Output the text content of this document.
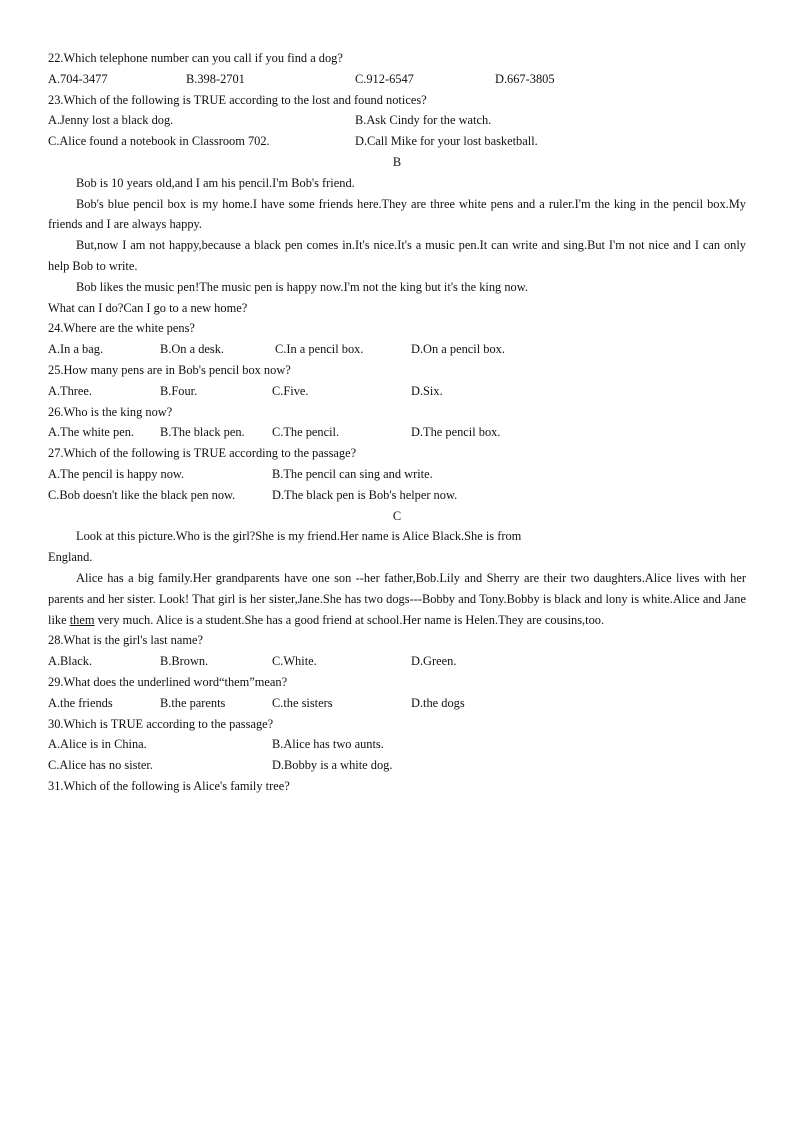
22.Which telephone number can you call if you find a dog?
A.704-3477	B.398-2701	C.912-6547	D.667-3805
23.Which of the following is TRUE according to the lost and found notices?
A.Jenny lost a black dog.	B.Ask Cindy for the watch.
C.Alice found a notebook in Classroom 702.	D.Call Mike for your lost basketball.
B
Bob is 10 years old,and I am his pencil.I'm Bob's friend.
Bob's blue pencil box is my home.I have some friends here.They are three white pens and a ruler.I'm the king in the pencil box.My friends and I are always happy.
But,now I am not happy,because a black pen comes in.It's nice.It's a music pen.It can write and sing.But I'm not nice and I can only help Bob to write.
Bob likes the music pen!The music pen is happy now.I'm not the king but it's the king now.
What can I do?Can I go to a new home?
24.Where are the white pens?
A.In a bag.	B.On a desk.	C.In a pencil box.	D.On a pencil box.
25.How many pens are in Bob's pencil box now?
A.Three.	B.Four.	C.Five.	D.Six.
26.Who is the king now?
A.The white pen. B.The black pen. C.The pencil.	D.The pencil box.
27.Which of the following is TRUE according to the passage?
A.The pencil is happy now.	B.The pencil can sing and write.
C.Bob doesn't like the black pen now.	D.The black pen is Bob's helper now.
C
Look at this picture.Who is the girl?She is my friend.Her name is Alice Black.She is from
England.
Alice has a big family.Her grandparents have one son --her father,Bob.Lily and Sherry are their two daughters.Alice lives with her parents and her sister. Look! That girl is her sister,Jane.She has two dogs---Bobby and Tony.Bobby is black and lony is white.Alice and Jane like them very much. Alice is a student.She has a good friend at school.Her name is Helen.They are cousins,too.
28.What is the girl's last name?
A.Black.	B.Brown.	C.White.	D.Green.
29.What does the underlined word“them”mean?
A.the friends	B.the parents	C.the sisters	D.the dogs
30.Which is TRUE according to the passage?
A.Alice is in China.	B.Alice has two aunts.
C.Alice has no sister.	D.Bobby is a white dog.
31.Which of the following is Alice's family tree?
